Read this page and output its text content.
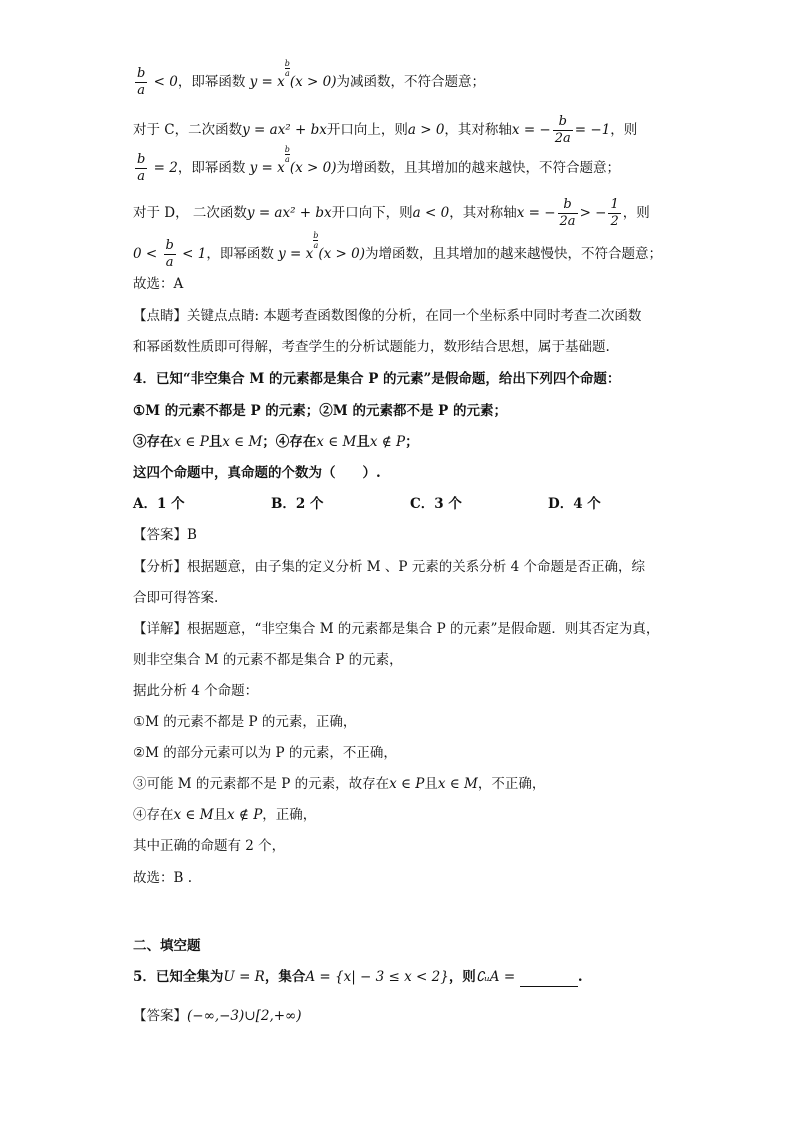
$\frac{b}{a} < 0$，即幂函数 y = x
$\frac{b}{a}$
(x > 0)为减函数，不符合题意；
对于 C，二次函数y = ax² + bx开口向上，则a > 0，其对称轴x = − $\frac{b}{2a} = -1$，则
$\frac{b}{a} = 2$，即幂函数 y = x
$\frac{b}{a}$
(x > 0)为增函数，且其增加的越来越快，不符合题意；
对于 D， 二次函数y = ax² + bx开口向下，则a < 0，其对称轴x = − $\frac{b}{2a}$ > − $\frac{1}{2}$ ，则
$0 < \frac{b}{a} < 1$，即幂函数 y = x
$\frac{b}{a}$
(x > 0)为增函数，且其增加的越来越慢快，不符合题意；
故选：A
【点睛】关键点点睛: 本题考查函数图像的分析，在同一个坐标系中同时考查二次函数
和幂函数性质即可得解，考查学生的分析试题能力，数形结合思想，属于基础题.
4．已知“非空集合 M 的元素都是集合 P 的元素”是假命题，给出下列四个命题：
①M 的元素不都是 P 的元素；②M 的元素都不是 P 的元素；
③存在x ∈ P且x ∈ M；④存在x ∈ M且x ∉ P；
这四个命题中，真命题的个数为（　　）.
A．1 个	B．2 个	C．3 个	D．4 个
【答案】B
【分析】根据题意，由子集的定义分析 M 、P 元素的关系分析 4 个命题是否正确，综
合即可得答案.
【详解】根据题意，“非空集合 M 的元素都是集合 P 的元素”是假命题．则其否定为真，
则非空集合 M 的元素不都是集合 P 的元素，
据此分析 4 个命题：
①M 的元素不都是 P 的元素，正确，
②M 的部分元素可以为 P 的元素，不正确，
③可能 M 的元素都不是 P 的元素，故存在x ∈ P且x ∈ M，不正确，
④存在x ∈ M且x ∉ P，正确，
其中正确的命题有 2 个，
故选：B .
二、填空题
5．已知全集为U = R，集合A = {x| − 3 ≤ x < 2}，则∁ᵤA =	.
【答案】(−∞,−3)∪[2,+∞)
